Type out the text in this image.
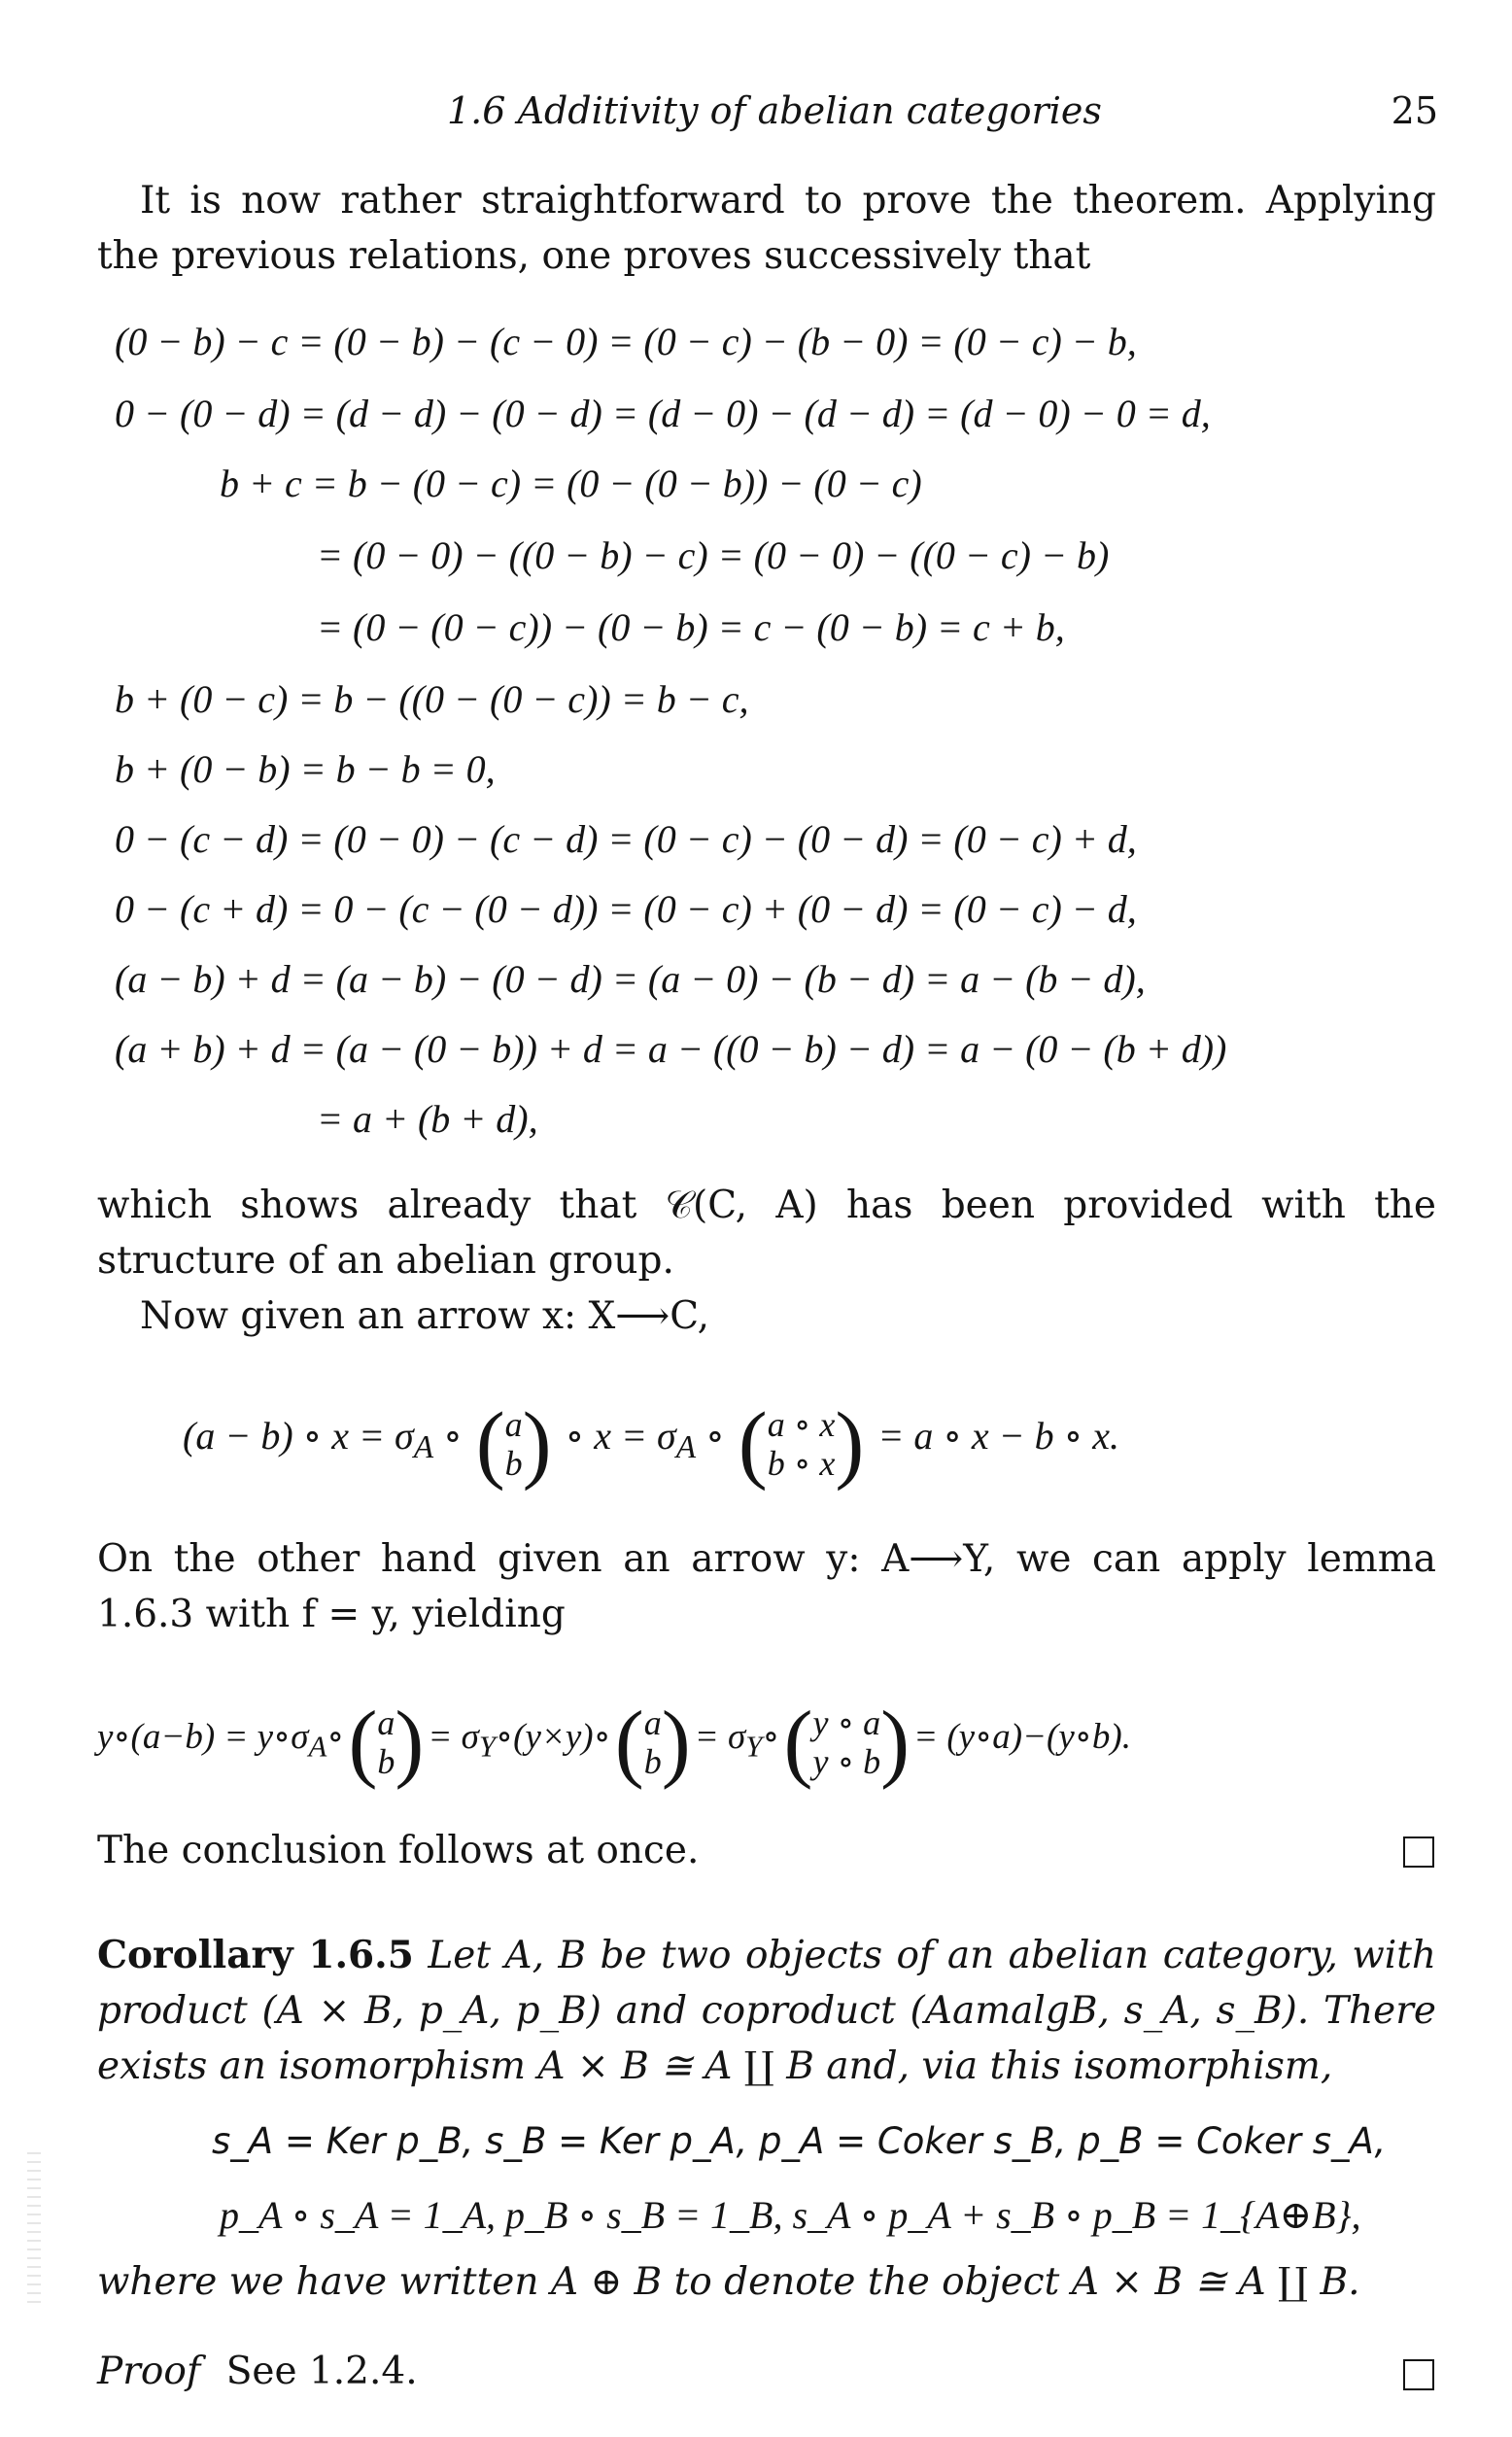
1.6 Additivity of abelian categories	25
It is now rather straightforward to prove the theorem. Applying the previous relations, one proves successively that
(0 − b) − c = (0 − b) − (c − 0) = (0 − c) − (b − 0) = (0 − c) − b,
0 − (0 − d) = (d − d) − (0 − d) = (d − 0) − (d − d) = (d − 0) − 0 = d,
b + c = b − (0 − c) = (0 − (0 − b)) − (0 − c)
= (0 − 0) − ((0 − b) − c) = (0 − 0) − ((0 − c) − b)
= (0 − (0 − c)) − (0 − b) = c − (0 − b) = c + b,
b + (0 − c) = b − ((0 − (0 − c)) = b − c,
b + (0 − b) = b − b = 0,
0 − (c − d) = (0 − 0) − (c − d) = (0 − c) − (0 − d) = (0 − c) + d,
0 − (c + d) = 0 − (c − (0 − d)) = (0 − c) + (0 − d) = (0 − c) − d,
(a − b) + d = (a − b) − (0 − d) = (a − 0) − (b − d) = a − (b − d),
(a + b) + d = (a − (0 − b)) + d = a − ((0 − b) − d) = a − (0 − (b + d))
= a + (b + d),
which shows already that 𝒞(C, A) has been provided with the structure of an abelian group.
Now given an arrow x: X⟶C,
(a − b) ∘ $x = \sigma_A$ ∘ (a
b) ∘ $x = \sigma_A$ ∘ (a ∘ x
b ∘ x) = a ∘ x − b ∘ x.
On the other hand given an arrow y: A⟶Y, we can apply lemma 1.6.3 with f = y, yielding
y∘(a−b) = $y\circ\sigma_A\circ(a$
$b) = \sigma_Y\circ(y\times y)\circ(a$
$b) = \sigma_Y\circ(y$ ∘ a
y ∘ b) = (y∘a)−(y∘b).
The conclusion follows at once.
Corollary 1.6.5 Let A, B be two objects of an abelian category, with product (A × B, p_A, p_B) and coproduct (AamalgB, s_A, s_B). There exists an isomorphism A × B ≅ A ∐ B and, via this isomorphism,
s_A = Ker p_B, s_B = Ker p_A, p_A = Coker s_B, p_B = Coker s_A,
p_A ∘ s_A = 1_A, p_B ∘ s_B = 1_B, s_A ∘ p_A + s_B ∘ p_B = 1_{A⊕B},
where we have written A ⊕ B to denote the object A × B ≅ A ∐ B.
Proof See 1.2.4.
